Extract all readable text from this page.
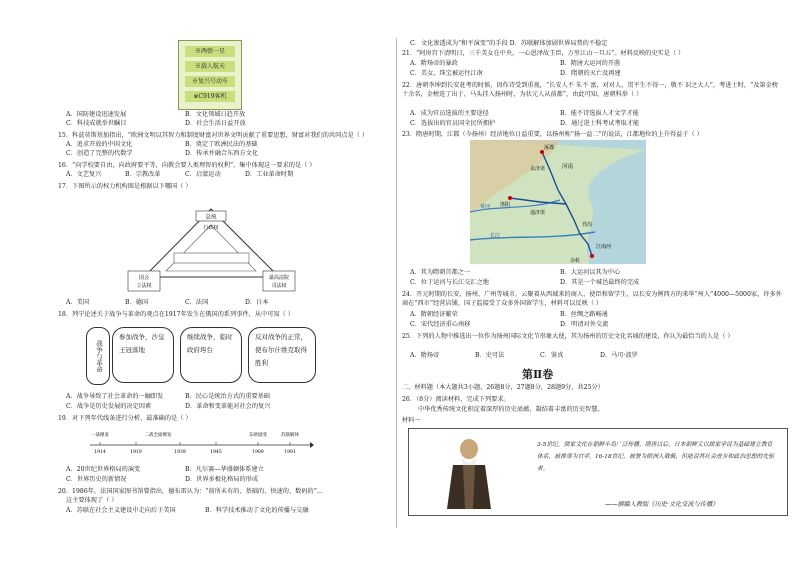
※两弹一星
※载人航天
※复兴号动车
※C919客机
A．国防建设迅速发展	B．文化领域日趋开放
C．科技成就举世瞩目	D．社会生活日益开放
15．科兹莫斯基加指出，“欧洲文明以其智力和制度财富对世界文明贡献了重要思想，财富对我们的共同点是（ ）
A．追求开放的中国文化	B．奠定了欧洲民法的基础
C．创造了完整的代数学	D．传承并融合东西方文化
16．“向学校要自由，向政府要平等，向教会要人类理智的权利”。集中体现这一要求的是（ ）
A．文艺复兴	B．宗教改革	C．启蒙运动	D．工业革命时期
17．下图所示的权力机构图是根据以下哪国（ ）
总统
行政权
国会
立法权
最高法院
司法权
A．美国	B．德国	C．法国	D．日本
18．列宁论述关于战争与革命的观点在1917年发生在俄国的系列事件，从中可知（ ）
战争与革命
参加战争，沙皇王冠落地
继续战争，临时政府垮台
反对战争的正常，使布尔什维克取得胜利
A．战争导致了社会革命的一触即发	B．民心是统治方式的重要基础
C．战争是历史发展的决定因素	D．革命和变革能对社会的复兴
19．对下列年代线条进行分析，最准确的是（ ）
一战爆发	二战全面爆发	东欧剧变	苏联解体
1914	1919	1939	1945	1989	1991
A．20世纪世界格局的演变	B．凡尔赛—华盛顿体系建立
C．世界历史的新情况	D．世界多极化格局的形成
20．1986年，法国国家图书馆曾指出，德布雷认为：“前所未有的、基础的、快速的、数码的”…
这主要体现了（ ）
A．苏联在社会主义建设中走向后于美国	B．科学技术推动了文化的传播与交融
C．文化渗透成为“和平演变”的手段 D．苏联解体加剧世界局势的不稳定
21．“阿房宫下清明日，三千美女在中央，一心恩泽故王臣，万里江山一旦五”。材料反映的史实是（ ）
A．隋炀帝的暴政	B．隋唐大运河的开凿
C．美女、珠宝被运往江南	D．隋朝的灭亡及再建
22．唐朝李绅到长安赶考的时候，因作诗受到重视，“长安人不 朱不 富，对对人，贯平生不得一，敬不 识之大人”，考进士时，“及第金榜十余名，金榜连了出于，马头挂入扬州时，为状元人从前都”，由此可知，唐朝科举（ ）
A．成为官员选拔的主要途径	B．能不诗选拔人才文学才能
C．选拔出的官员国全民所拥护	D．通过进士科考试考取才能
23．隋唐时期，江都（今扬州）经济地位日益重要，以扬州称“扬一益二”的说法，江都地位的上升得益于（ ）
河南
永济渠
洛阳
涿郡
通济渠
邗沟
江南河
余杭
黄河
长江
A．其为隋朝首都之一	B．大运河以其为中心
C．位于运河与长江交汇之地	D．其是一个城邑最终的完成
24．开元时期的长安、扬州、广州等城市，云聚着从西域来的商人、使臣和留学生，以长安为例西方的来华“州人”4000—5000家，许多外商在“西市”经营店铺，国子监接受了众多外国留学生，材料可以反映（ ）
A．隋朝经济繁荣	B．丝绸之路畅通
C．宋代经济重心南移	D．明清对外交流
25．下列的人物中推选出一位作为扬州国际文化节形象大使，其为扬州的历史文化名城的建设，你认为最恰当的人是（ ）
A．隋炀帝	B．史可法	C．鉴真	D．马可·波罗
第Ⅱ卷
二、材料题（本大题共3小题，26题8分，27题8分，28题9分，共25分）
26．（8分）阅读材料，完成下列要求。
中华优秀传统文化积淀着深厚的历史底蕴，凝结着丰富的历史智慧。
材料一
3-5世纪，儒家文化在朝鲜半岛广泛传播，隋唐以后，日本朝鲜又以儒家学说为基础建立教育体系，被推尊为官学。16-18世纪，被誉为欧洲人敬佩，但能说其社会进步和政治思想的先驱者。
——摘编人教版《历史·文化交流与传播》
